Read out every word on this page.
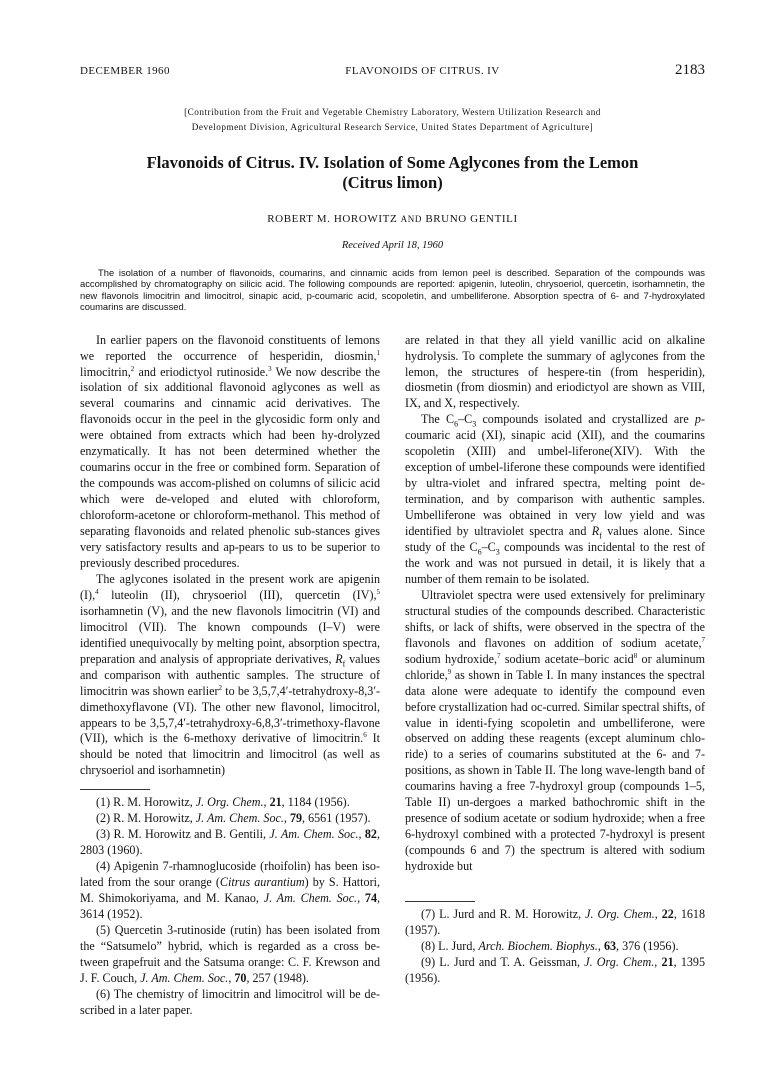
DECEMBER 1960	FLAVONOIDS OF CITRUS. IV	2183
[Contribution from the Fruit and Vegetable Chemistry Laboratory, Western Utilization Research and
Development Division, Agricultural Research Service, United States Department of Agriculture]
Flavonoids of Citrus. IV. Isolation of Some Aglycones from the Lemon
(Citrus limon)
ROBERT M. HOROWITZ AND BRUNO GENTILI
Received April 18, 1960

The isolation of a number of flavonoids, coumarins, and cinnamic acids from lemon peel is described. Separation of the compounds was accomplished by chromatography on silicic acid. The following compounds are reported: apigenin, luteolin, chrysoeriol, quercetin, isorhamnetin, the new flavonols limocitrin and limocitrol, sinapic acid, p-coumaric acid, scopoletin, and umbelliferone. Absorption spectra of 6- and 7-hydroxylated coumarins are discussed.

In earlier papers on the flavonoid constituents of lemons we reported the occurrence of hesperidin, diosmin,$^1$ limocitrin,$^2$ and eriodictyol rutinoside.$^3$ We now describe the isolation of six additional flavonoid aglycones as well as several coumarins and cinnamic acid derivatives. The flavonoids occur in the peel in the glycosidic form only and were obtained from extracts which had been hy-drolyzed enzymatically. It has not been determined whether the coumarins occur in the free or combined form. Separation of the compounds was accom-plished on columns of silicic acid which were de-veloped and eluted with chloroform, chloroform-acetone or chloroform-methanol. This method of separating flavonoids and related phenolic sub-stances gives very satisfactory results and ap-pears to us to be superior to previously described procedures.

The aglycones isolated in the present work are apigenin (I),$^4$ luteolin (II), chrysoeriol (III), quercetin (IV),$^5$ isorhamnetin (V), and the new flavonols limocitrin (VI) and limocitrol (VII). The known compounds (I–V) were identified unequivocally by melting point, absorption spectra, preparation and analysis of appropriate derivatives, $R_f$ values and comparison with authentic samples. The structure of limocitrin was shown earlier$^2$ to be 3,5,7,4′-tetrahydroxy-8,3′-dimethoxyflavone (VI). The other new flavonol, limocitrol, appears to be 3,5,7,4′-tetrahydroxy-6,8,3′-trimethoxy-flavone (VII), which is the 6-methoxy derivative of limocitrin.$^6$ It should be noted that limocitrin and limocitrol (as well as chrysoeriol and isorhamnetin)

(1) R. M. Horowitz, J. Org. Chem., 21, 1184 (1956).

(2) R. M. Horowitz, J. Am. Chem. Soc., 79, 6561 (1957).

(3) R. M. Horowitz and B. Gentili, J. Am. Chem. Soc., 82, 2803 (1960).

(4) Apigenin 7-rhamnoglucoside (rhoifolin) has been iso-lated from the sour orange (Citrus aurantium) by S. Hattori, M. Shimokoriyama, and M. Kanao, J. Am. Chem. Soc., 74, 3614 (1952).

(5) Quercetin 3-rutinoside (rutin) has been isolated from the “Satsumelo” hybrid, which is regarded as a cross be-tween grapefruit and the Satsuma orange: C. F. Krewson and J. F. Couch, J. Am. Chem. Soc., 70, 257 (1948).

(6) The chemistry of limocitrin and limocitrol will be de-scribed in a later paper.

are related in that they all yield vanillic acid on alkaline hydrolysis. To complete the summary of aglycones from the lemon, the structures of hespere-tin (from hesperidin), diosmetin (from diosmin) and eriodictyol are shown as VIII, IX, and X, respectively.

The $C_6-C_3$ compounds isolated and crystallized are p-coumaric acid (XI), sinapic acid (XII), and the coumarins scopoletin (XIII) and umbel-liferone(XIV). With the exception of umbel-liferone these compounds were identified by ultra-violet and infrared spectra, melting point de-termination, and by comparison with authentic samples. Umbelliferone was obtained in very low yield and was identified by ultraviolet spectra and $R_f$ values alone. Since study of the $C_6-C_3$ compounds was incidental to the rest of the work and was not pursued in detail, it is likely that a number of them remain to be isolated.

Ultraviolet spectra were used extensively for preliminary structural studies of the compounds described. Characteristic shifts, or lack of shifts, were observed in the spectra of the flavonols and flavones on addition of sodium acetate,$^7$ sodium hydroxide,$^7$ sodium acetate–boric acid$^8$ or aluminum chloride,$^9$ as shown in Table I. In many instances the spectral data alone were adequate to identify the compound even before crystallization had oc-curred. Similar spectral shifts, of value in identi-fying scopoletin and umbelliferone, were observed on adding these reagents (except aluminum chlo-ride) to a series of coumarins substituted at the 6- and 7-positions, as shown in Table II. The long wave-length band of coumarins having a free 7-hydroxyl group (compounds 1–5, Table II) un-dergoes a marked bathochromic shift in the presence of sodium acetate or sodium hydroxide; when a free 6-hydroxyl combined with a protected 7-hydroxyl is present (compounds 6 and 7) the spectrum is altered with sodium hydroxide but

(7) L. Jurd and R. M. Horowitz, J. Org. Chem., 22, 1618 (1957).

(8) L. Jurd, Arch. Biochem. Biophys., 63, 376 (1956).

(9) L. Jurd and T. A. Geissman, J. Org. Chem., 21, 1395 (1956).
